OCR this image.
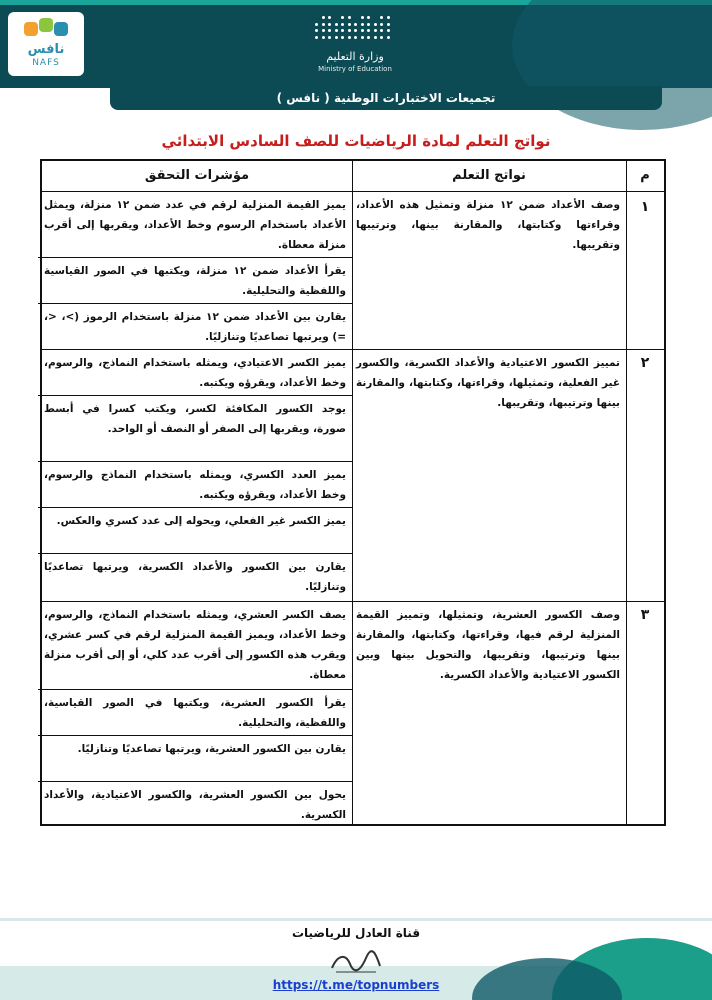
نافس
NAFS	وزارة التعليم
Ministry of Education
تجميعات الاختبارات الوطنية ( نافس )
نواتج التعلم لمادة الرياضيات للصف السادس الابتدائي
م
نواتج التعلم
مؤشرات التحقق
١
وصف الأعداد ضمن ١٢ منزلة وتمثيل هذه الأعداد، وقراءتها وكتابتها، والمقارنة بينها، وترتيبها وتقريبها.
يميز القيمة المنزلية لرقم في عدد ضمن ١٢ منزلة، ويمثل الأعداد باستخدام الرسوم وخط الأعداد، ويقربها إلى أقرب منزلة معطاة.
يقرأ الأعداد ضمن ١٢ منزلة، ويكتبها في الصور القياسية واللفظية والتحليلية.
يقارن بين الأعداد ضمن ١٢ منزلة باستخدام الرموز (>، <، =) ويرتبها تصاعديًا وتنازليًا.
٢
تمييز الكسور الاعتيادية والأعداد الكسرية، والكسور غير الفعلية، وتمثيلها، وقراءتها، وكتابتها، والمقارنة بينها وترتيبها، وتقريبها.
يميز الكسر الاعتيادي، ويمثله باستخدام النماذج، والرسوم، وخط الأعداد، ويقرؤه ويكتبه.
يوجد الكسور المكافئة لكسر، ويكتب كسرا في أبسط صورة، ويقربها إلى الصفر أو النصف أو الواحد.
يميز العدد الكسري، ويمثله باستخدام النماذج والرسوم، وخط الأعداد، ويقرؤه ويكتبه.
يميز الكسر غير الفعلي، ويحوله إلى عدد كسري والعكس.
يقارن بين الكسور والأعداد الكسرية، ويرتبها تصاعديًا وتنازليًا.
٣
وصف الكسور العشرية، وتمثيلها، وتمييز القيمة المنزلية لرقم فيها، وقراءتها، وكتابتها، والمقارنة بينها وترتيبها، وتقريبها، والتحويل بينها وبين الكسور الاعتيادية والأعداد الكسرية.
يصف الكسر العشري، ويمثله باستخدام النماذج، والرسوم، وخط الأعداد، ويميز القيمة المنزلية لرقم في كسر عشري، ويقرب هذه الكسور إلى أقرب عدد كلي، أو إلى أقرب منزلة معطاة.
يقرأ الكسور العشرية، ويكتبها في الصور القياسية، واللفظية، والتحليلية.
يقارن بين الكسور العشرية، ويرتبها تصاعديًا وتنازليًا.
يحول بين الكسور العشرية، والكسور الاعتيادية، والأعداد الكسرية.
قناة العادل للرياضيات
https://t.me/topnumbers
